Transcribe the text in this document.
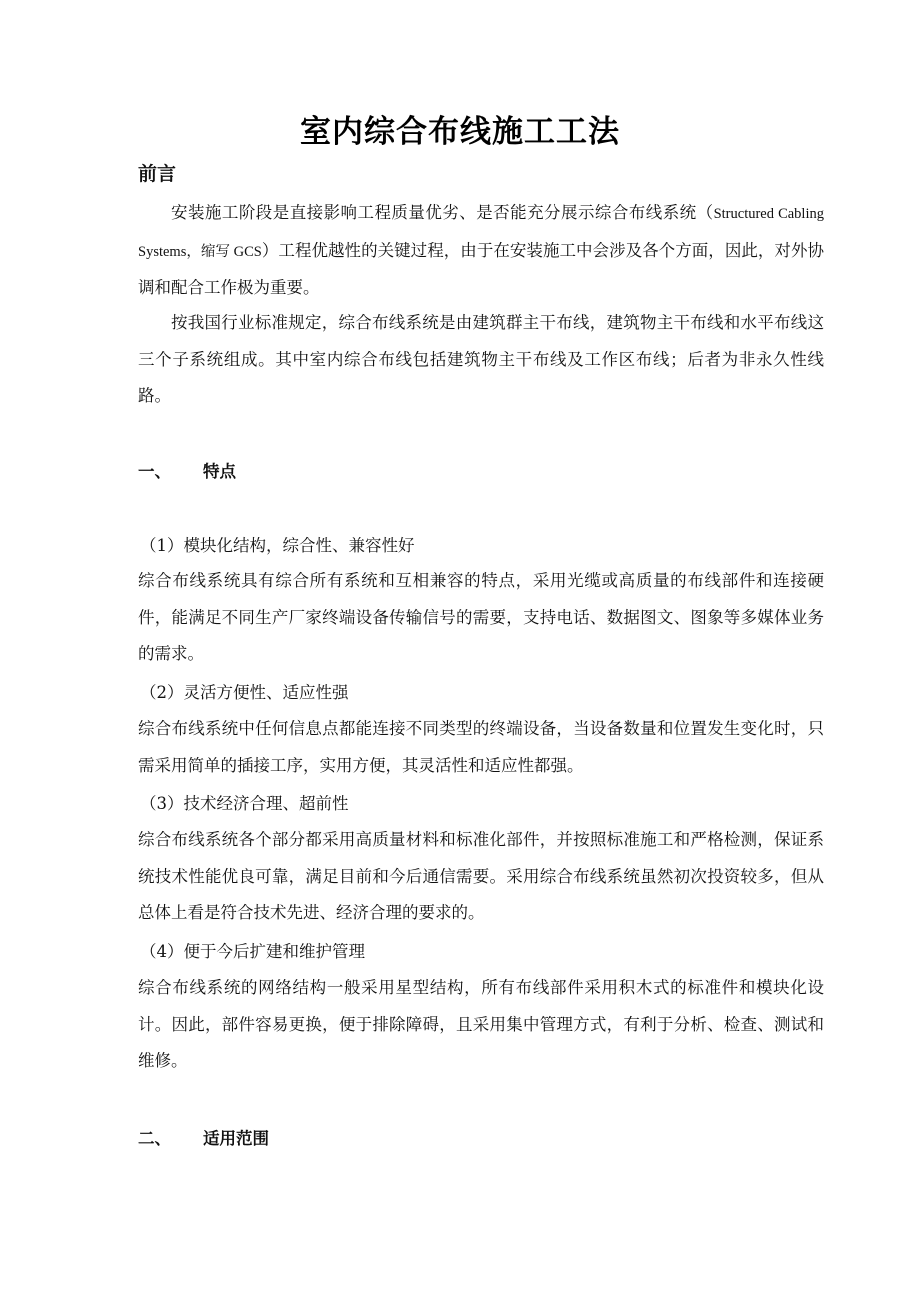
室内综合布线施工工法
前言

安装施工阶段是直接影响工程质量优劣、是否能充分展示综合布线系统（Structured Cabling Systems，缩写 GCS）工程优越性的关键过程，由于在安装施工中会涉及各个方面，因此，对外协调和配合工作极为重要。

按我国行业标准规定，综合布线系统是由建筑群主干布线，建筑物主干布线和水平布线这三个子系统组成。其中室内综合布线包括建筑物主干布线及工作区布线；后者为非永久性线路。

一、 特点
（1）模块化结构，综合性、兼容性好

综合布线系统具有综合所有系统和互相兼容的特点，采用光缆或高质量的布线部件和连接硬件，能满足不同生产厂家终端设备传输信号的需要，支持电话、数据图文、图象等多媒体业务的需求。

（2）灵活方便性、适应性强

综合布线系统中任何信息点都能连接不同类型的终端设备，当设备数量和位置发生变化时，只需采用简单的插接工序，实用方便，其灵活性和适应性都强。

（3）技术经济合理、超前性

综合布线系统各个部分都采用高质量材料和标准化部件，并按照标准施工和严格检测，保证系统技术性能优良可靠，满足目前和今后通信需要。采用综合布线系统虽然初次投资较多，但从总体上看是符合技术先进、经济合理的要求的。

（4）便于今后扩建和维护管理

综合布线系统的网络结构一般采用星型结构，所有布线部件采用积木式的标准件和模块化设计。因此，部件容易更换，便于排除障碍，且采用集中管理方式，有利于分析、检查、测试和维修。

二、 适用范围
